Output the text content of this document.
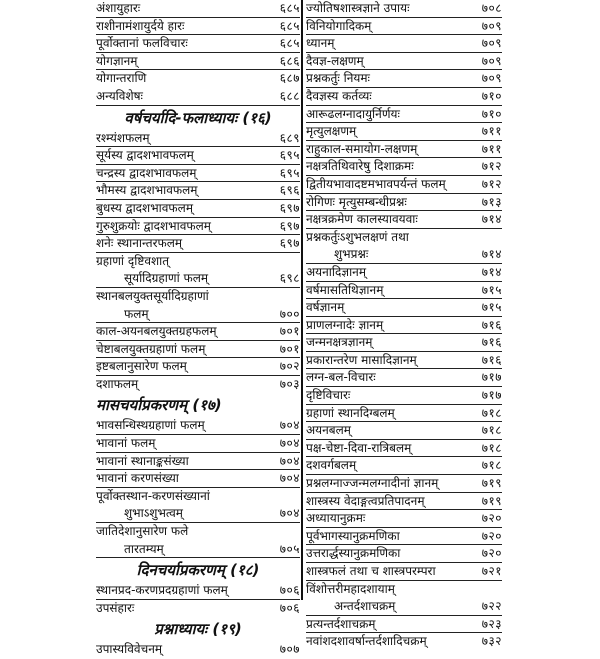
अंशायुहारः	६८५
राशीनामंशायुर्दये हारः	६८५
पूर्वोक्तानां फलविचारः	६८५
योगज्ञानम्	६८६
योगान्तराणि	६८७
अन्यविशेषः	६८८
वर्षचर्यादि-फलाध्यायः (१६)
रश्म्यंशफलम्	६८९
सूर्यस्य द्वादशभावफलम्	६९५
चन्द्रस्य द्वादशभावफलम्	६९५
भौमस्य द्वादशभावफलम्	६९६
बुधस्य द्वादशभावफलम्	६९७
गुरुशुक्रयोः द्वादशभावफलम्	६९७
शनेः स्थानान्तरफलम्	६९७
ग्रहाणां दृष्टिवशात्
सूर्यादिग्रहाणां फलम्	६९८
स्थानबलयुक्तसूर्यादिग्रहाणां
फलम्	७००
काल-अयनबलयुक्तग्रहफलम्	७०१
चेष्टाबलयुक्तग्रहाणां फलम्	७०१
इष्टबलानुसारेण फलम्	७०२
दशाफलम्	७०३
मासचर्याप्रकरणम् (१७)
भावसन्धिस्थग्रहाणां फलम्	७०४
भावानां फलम्	७०४
भावानां स्थानाङ्कसंख्या	७०४
भावानां करणसंख्या	७०४
पूर्वोक्तस्थान-करणसंख्यानां
शुभाऽशुभत्वम्	७०४
जातिदेशानुसारेण फले
तारतम्यम्	७०५
दिनचर्याप्रकरणम् (१८)
स्थानप्रद-करणप्रदग्रहाणां फलम्	७०६
उपसंहारः	७०६
प्रश्नाध्यायः (१९)
उपास्यविवेचनम्	७०७
ज्योतिषशास्त्रज्ञाने उपायः	७०८
विनियोगादिकम्	७०९
ध्यानम्	७०९
दैवज्ञ-लक्षणम्	७०९
प्रश्नकर्तुः नियमः	७०९
दैवज्ञस्य कर्तव्यः	७१०
आरूढलग्नादायुर्निर्णयः	७१०
मृत्युलक्षणम्	७११
राहुकाल-समायोग-लक्षणम्	७११
नक्षत्रतिथिवारेषु दिशाक्रमः	७१२
द्वितीयभावादष्टमभावपर्यन्तं फलम्	७१२
रोगिणः मृत्युसम्बन्धीप्रश्नः	७१३
नक्षत्रक्रमेण कालस्यावयवाः	७१४
प्रश्नकर्तुःऽशुभलक्षणं तथा
शुभप्रश्नः	७१४
अयनादिज्ञानम्	७१४
वर्षमासतिथिज्ञानम्	७१५
वर्षज्ञानम्	७१५
प्राणलग्नादेः ज्ञानम्	७१६
जन्मनक्षत्रज्ञानम्	७१६
प्रकारान्तरेण मासादिज्ञानम्	७१६
लग्न-बल-विचारः	७१७
दृष्टिविचारः	७१७
ग्रहाणां स्थानदिग्बलम्	७१८
अयनबलम्	७१८
पक्ष-चेष्टा-दिवा-रात्रिबलम्	७१८
दशवर्गबलम्	७१८
प्रश्नलग्नाज्जन्मलग्नादीनां ज्ञानम्	७१९
शास्त्रस्य वेदाङ्गत्वप्रतिपादनम्	७१९
अध्यायानुक्रमः	७२०
पूर्वभागस्यानुक्रमणिका	७२०
उत्तरार्द्धस्यानुक्रमणिका	७२०
शास्त्रफलं तथा च शास्त्रपरम्परा	७२१
विंशोत्तरीमहादशायाम्
अन्तर्दशाचक्रम्	७२२
प्रत्यन्तर्दशाचक्रम्	७२३
नवांशदशावर्षान्तर्दशादिचक्रम्	७३२
